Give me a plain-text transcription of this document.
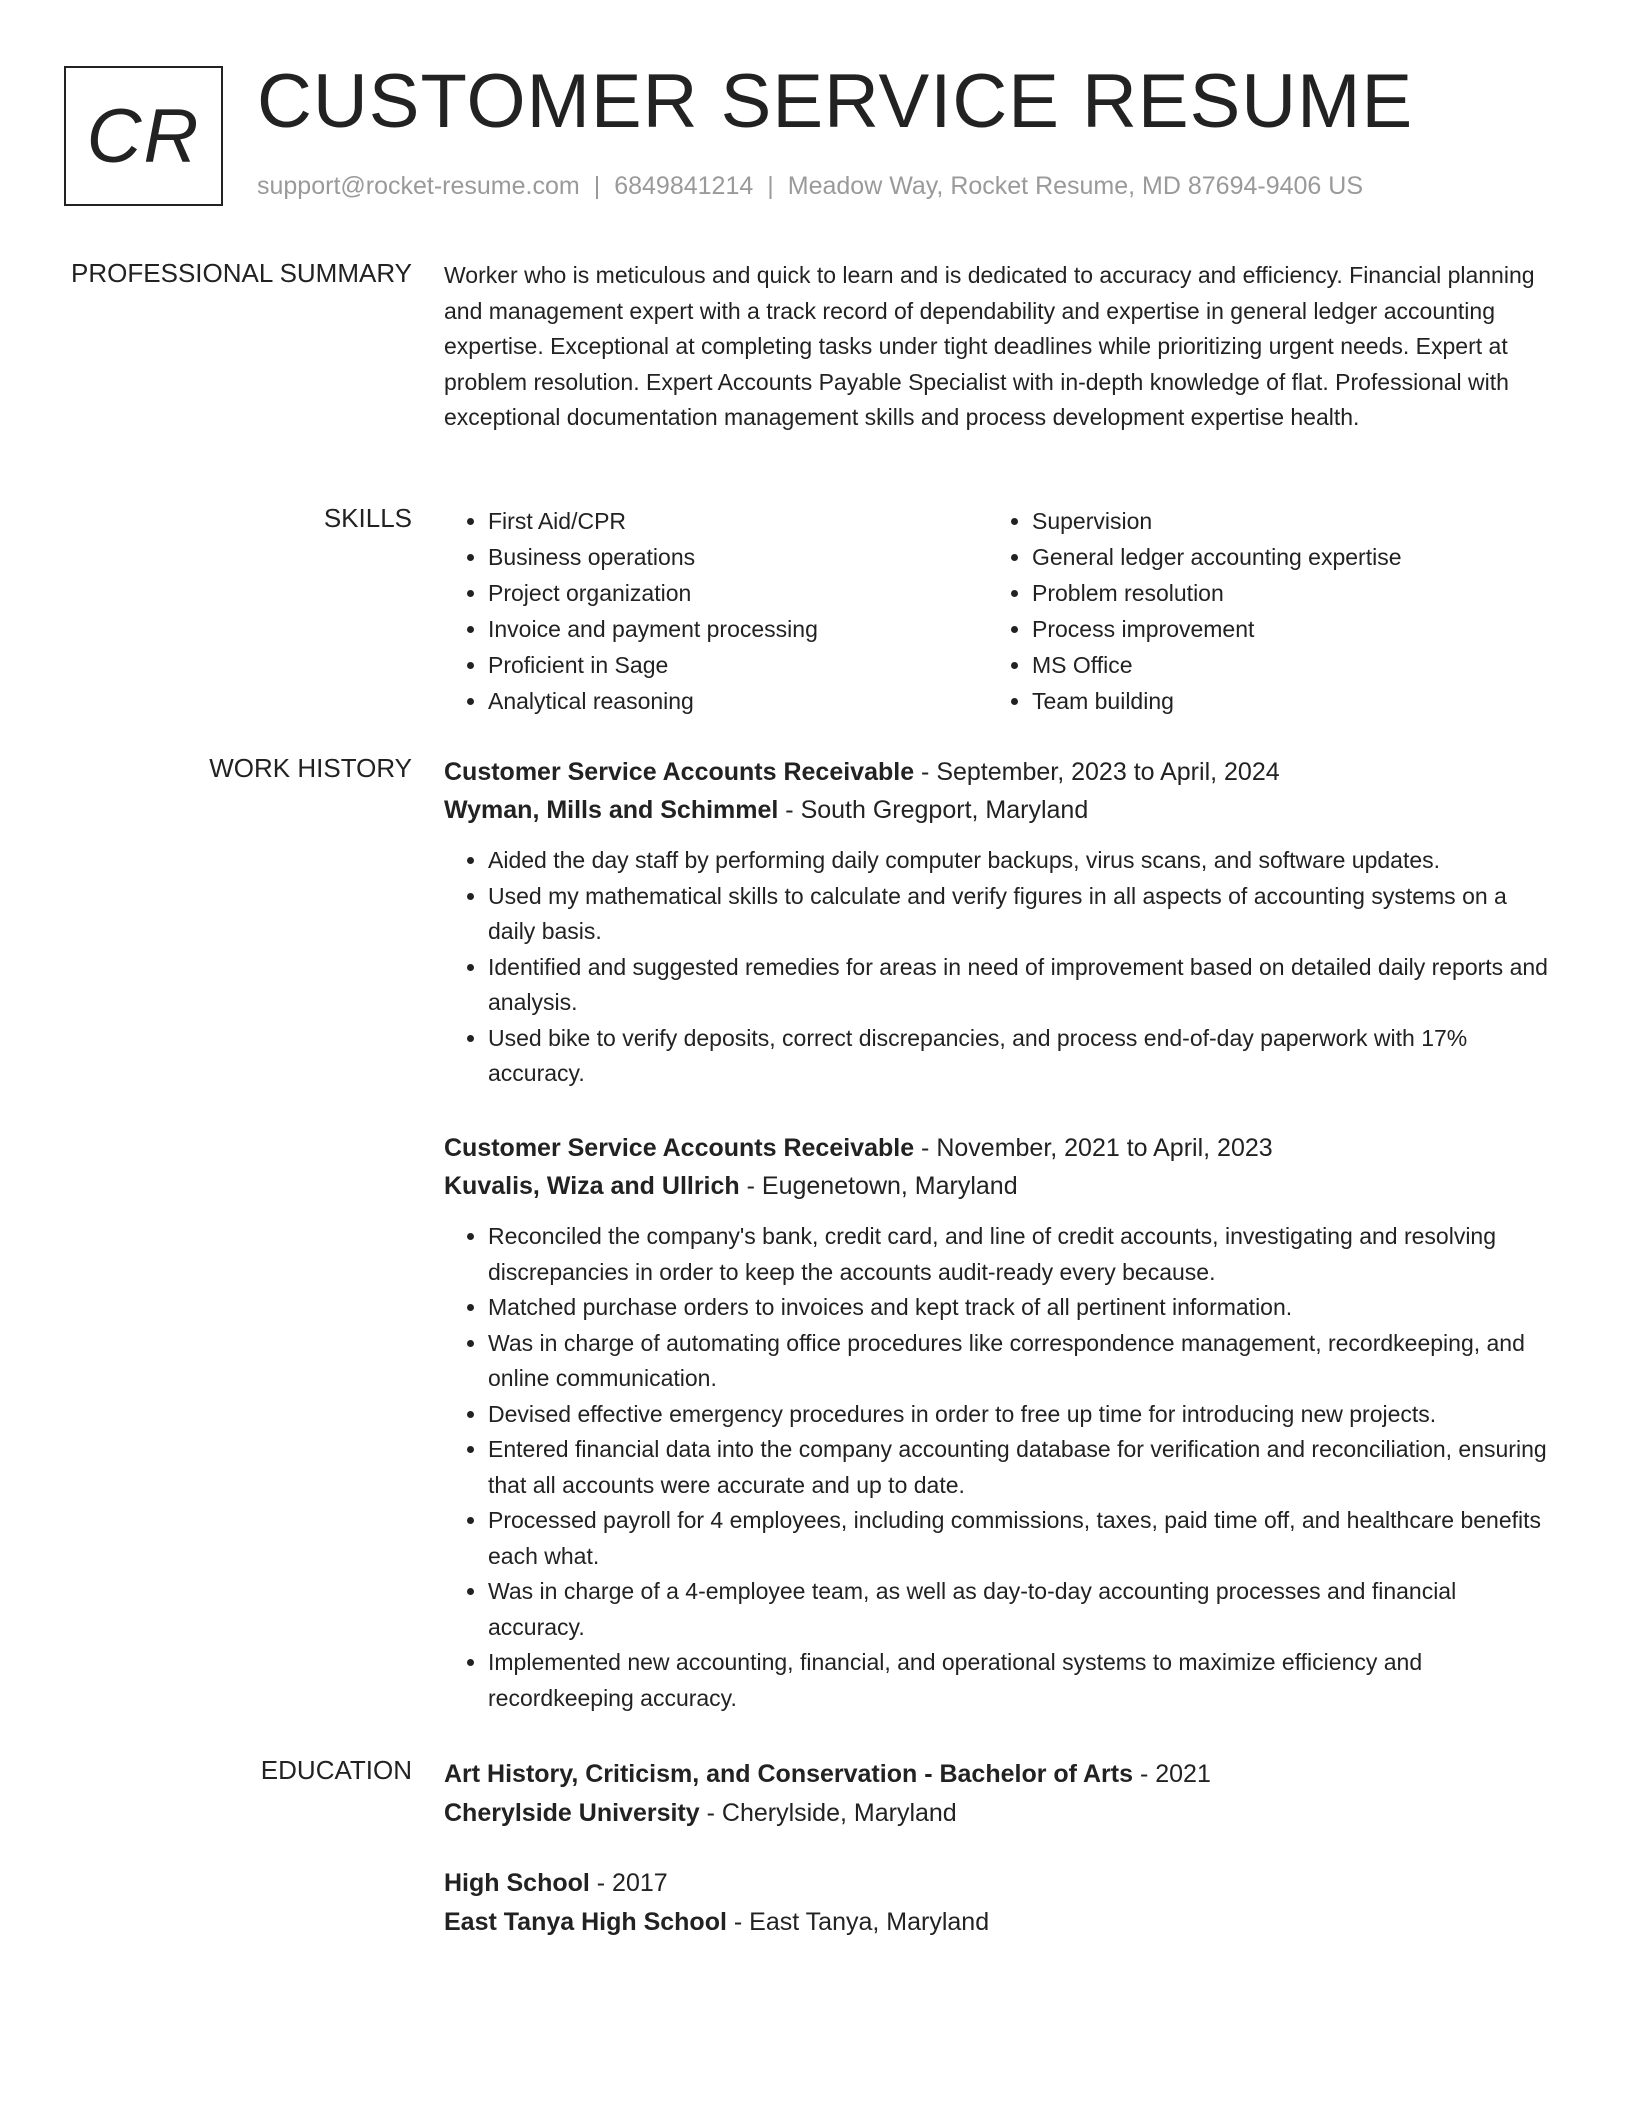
CR CUSTOMER SERVICE RESUME
support@rocket-resume.com | 6849841214 | Meadow Way, Rocket Resume, MD 87694-9406 US
PROFESSIONAL SUMMARY Worker who is meticulous and quick to learn and is dedicated to accuracy and efficiency. Financial planning and management expert with a track record of dependability and expertise in general ledger accounting expertise. Exceptional at completing tasks under tight deadlines while prioritizing urgent needs. Expert at problem resolution. Expert Accounts Payable Specialist with in-depth knowledge of flat. Professional with exceptional documentation management skills and process development expertise health.

SKILLS
•	First Aid/CPR
• Business operations
• Project organization
• Invoice and payment processing
• Proficient in Sage
• Analytical reasoning
• Supervision
• General ledger accounting expertise
• Problem resolution
• Process improvement
• MS Office
• Team building
WORK HISTORY Customer Service Accounts Receivable - September, 2023 to April, 2024
Wyman, Mills and Schimmel - South Gregport, Maryland
• Aided the day staff by performing daily computer backups, virus scans, and software updates.
• Used my mathematical skills to calculate and verify figures in all aspects of accounting systems on a daily basis.
• Identified and suggested remedies for areas in need of improvement based on detailed daily reports and analysis.
• Used bike to verify deposits, correct discrepancies, and process end-of-day paperwork with 17% accuracy.
Customer Service Accounts Receivable - November, 2021 to April, 2023
Kuvalis, Wiza and Ullrich - Eugenetown, Maryland
• Reconciled the company's bank, credit card, and line of credit accounts, investigating and resolving discrepancies in order to keep the accounts audit-ready every because.
• Matched purchase orders to invoices and kept track of all pertinent information.
• Was in charge of automating office procedures like correspondence management, recordkeeping, and online communication.
• Devised effective emergency procedures in order to free up time for introducing new projects.
• Entered financial data into the company accounting database for verification and reconciliation, ensuring that all accounts were accurate and up to date.
• Processed payroll for 4 employees, including commissions, taxes, paid time off, and healthcare benefits each what.
• Was in charge of a 4-employee team, as well as day-to-day accounting processes and financial accuracy.
• Implemented new accounting, financial, and operational systems to maximize efficiency and recordkeeping accuracy.
EDUCATION Art History, Criticism, and Conservation - Bachelor of Arts - 2021
Cherylside University - Cherylside, Maryland
High School - 2017
East Tanya High School - East Tanya, Maryland
